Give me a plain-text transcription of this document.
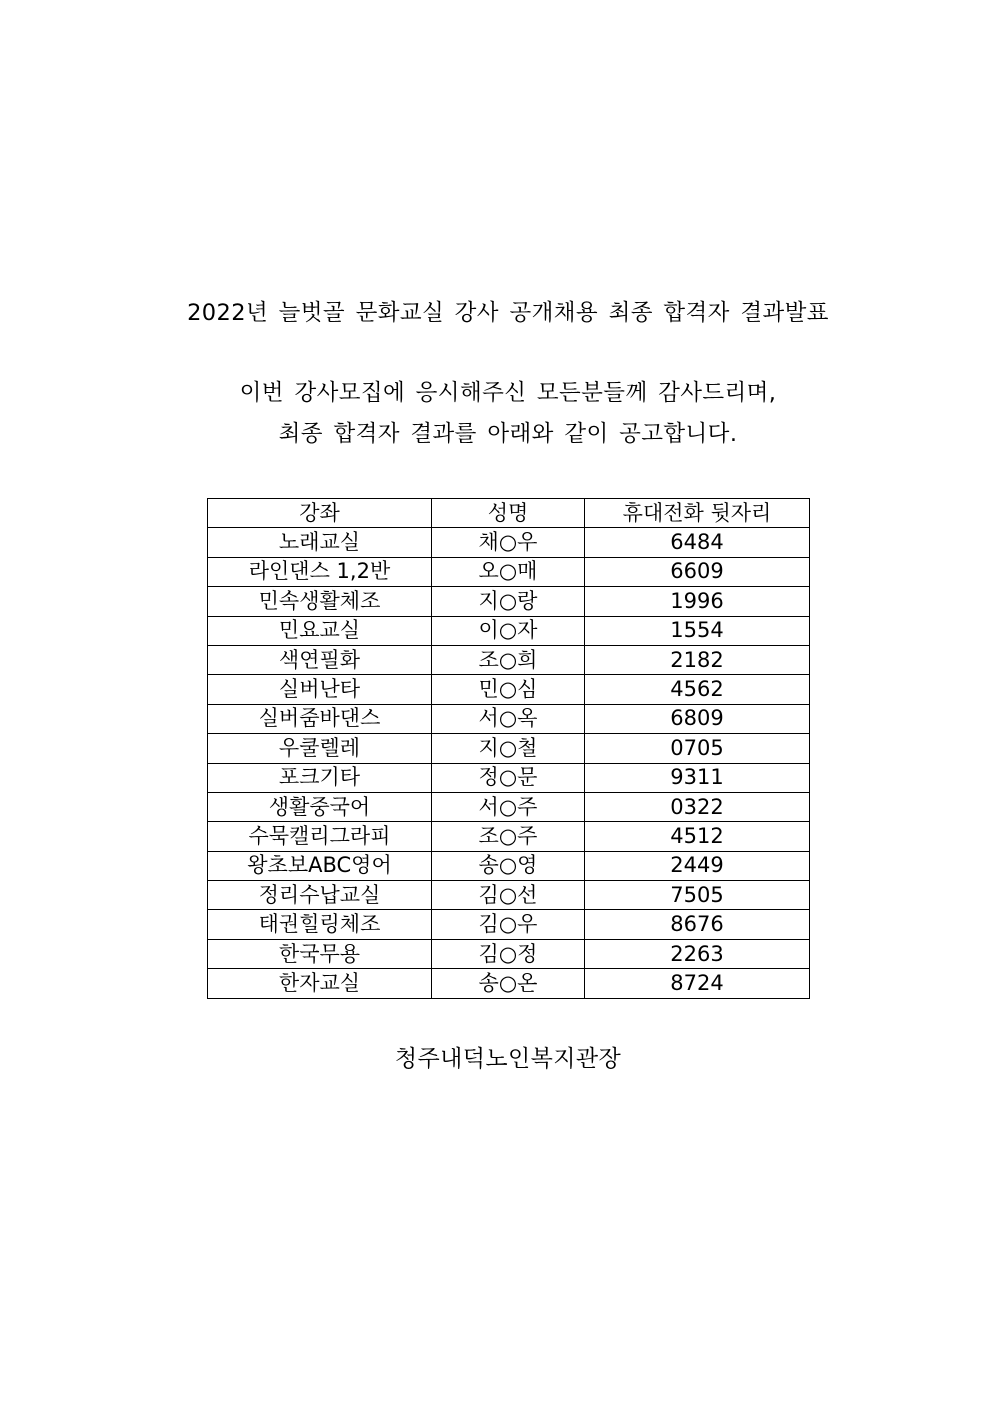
2022년 늘벗골 문화교실 강사 공개채용 최종 합격자 결과발표
이번 강사모집에 응시해주신 모든분들께 감사드리며,
최종 합격자 결과를 아래와 같이 공고합니다.
강좌	성명	휴대전화 뒷자리
노래교실	채○우	6484
라인댄스 1,2반	오○매	6609
민속생활체조	지○랑	1996
민요교실	이○자	1554
색연필화	조○희	2182
실버난타	민○심	4562
실버줌바댄스	서○옥	6809
우쿨렐레	지○철	0705
포크기타	정○문	9311
생활중국어	서○주	0322
수묵캘리그라피	조○주	4512
왕초보ABC영어	송○영	2449
정리수납교실	김○선	7505
태권힐링체조	김○우	8676
한국무용	김○정	2263
한자교실	송○온	8724
청주내덕노인복지관장
